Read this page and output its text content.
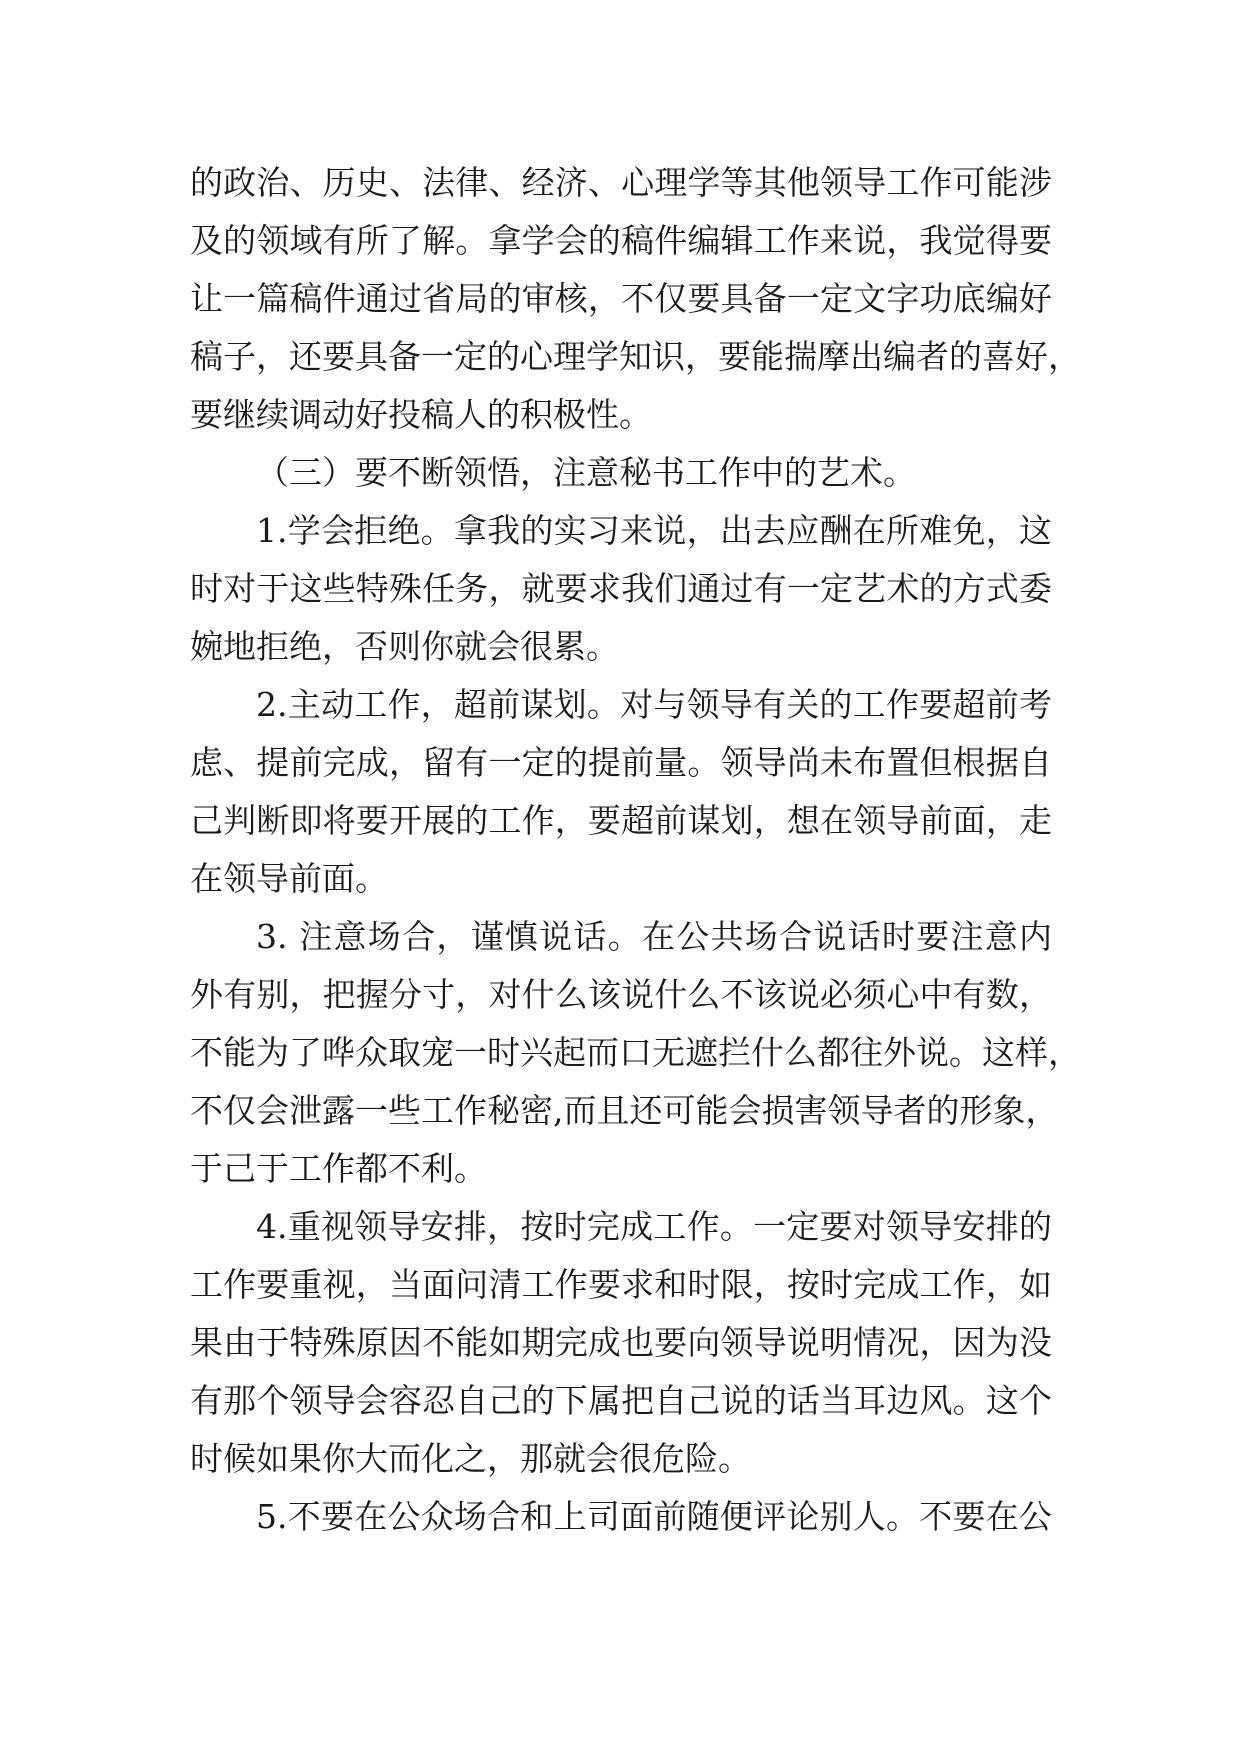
的政治、历史、法律、经济、心理学等其他领导工作可能涉
及的领域有所了解。拿学会的稿件编辑工作来说，我觉得要
让一篇稿件通过省局的审核，不仅要具备一定文字功底编好
稿子，还要具备一定的心理学知识，要能揣摩出编者的喜好，
要继续调动好投稿人的积极性。
（三）要不断领悟，注意秘书工作中的艺术。
1.学会拒绝。拿我的实习来说，出去应酬在所难免，这
时对于这些特殊任务，就要求我们通过有一定艺术的方式委
婉地拒绝，否则你就会很累。
2.主动工作，超前谋划。对与领导有关的工作要超前考
虑、提前完成，留有一定的提前量。领导尚未布置但根据自
己判断即将要开展的工作，要超前谋划，想在领导前面，走
在领导前面。
3. 注意场合，谨慎说话。在公共场合说话时要注意内
外有别，把握分寸，对什么该说什么不该说必须心中有数，
不能为了哗众取宠一时兴起而口无遮拦什么都往外说。这样，
不仅会泄露一些工作秘密,而且还可能会损害领导者的形象，
于己于工作都不利。
4.重视领导安排，按时完成工作。一定要对领导安排的
工作要重视，当面问清工作要求和时限，按时完成工作，如
果由于特殊原因不能如期完成也要向领导说明情况，因为没
有那个领导会容忍自己的下属把自己说的话当耳边风。这个
时候如果你大而化之，那就会很危险。
5.不要在公众场合和上司面前随便评论别人。不要在公
